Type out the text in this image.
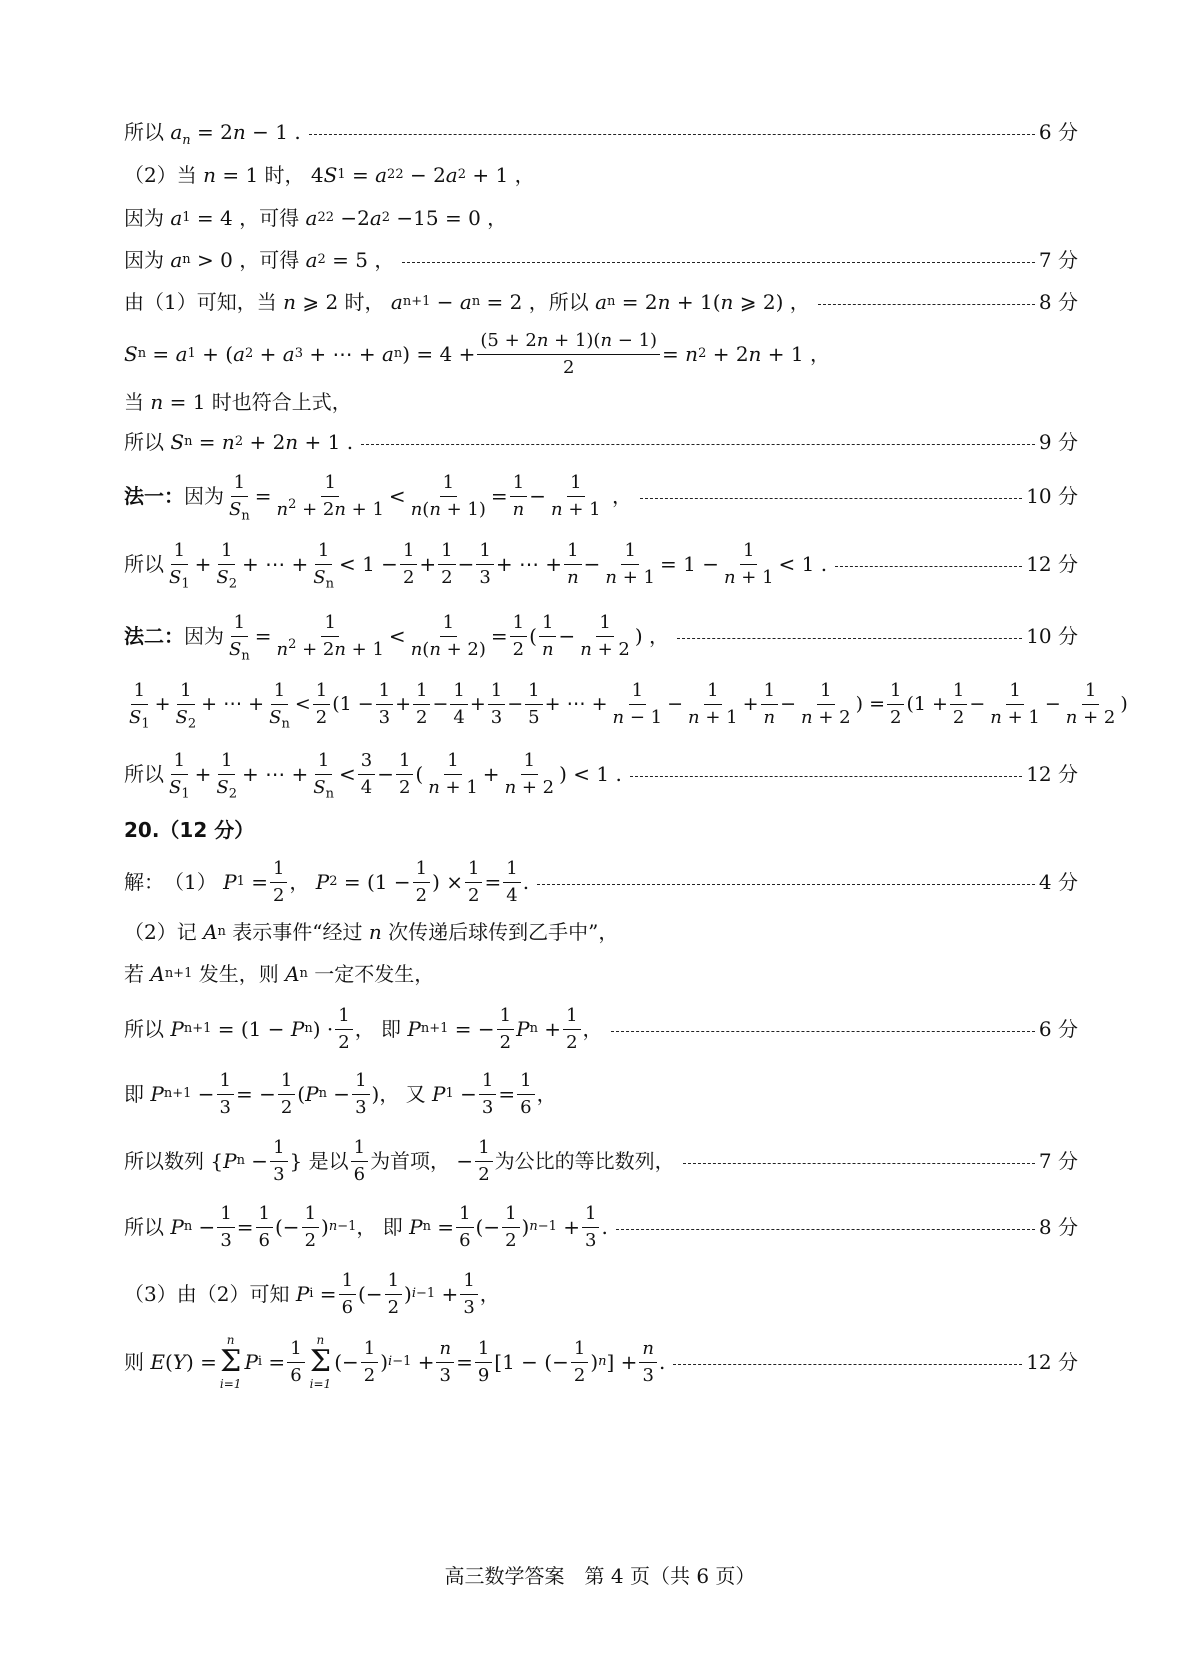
所以 $a_n = 2$ n − 1 .	6 分
（2）当 n = 1 时， 4 S 1 = a 2 2 − 2 a 2 + 1 ，
因为 a 1 = 4 ，可得 a 2 2 −2 a 2 −15 = 0 ，
因为 a n > 0 ，可得 a 2 = 5 ，	7 分
由（1）可知，当 n ⩾ 2 时， a n+1 − a n = 2 ，所以 a n = 2 n + 1( n ⩾ 2) ，	8 分
S n = a 1 + ( a 2 + a 3 + ⋯ + a n ) = $4 + \frac{(5 + 2n + 1)(n - 1)}{2} = n$ 2 + 2 n + 1 ，
当 n = 1 时也符合上式，
所以 S n = n 2 + 2 n + 1 .	9 分
法一： 因为 $\frac{1}{S_n} = \frac{1}{n^2 + 2n + 1} < \frac{1}{n(n + 1)} = \frac{1}{n} - \frac{1}{n + 1}$ ，	10 分
所以 $\frac{1}{S_1} + \frac{1}{S_2}$ + ⋯ + $\frac{1}{S_n} < 1 - \frac{1}{2} + \frac{1}{2} - \frac{1}{3}$ + ⋯ + $\frac{1}{n} - \frac{1}{n + 1} = 1 - \frac{1}{n + 1} < 1$ .	12 分
法二： 因为 $\frac{1}{S_n} = \frac{1}{n^2 + 2n + 1} < \frac{1}{n(n + 2)} = \frac{1}{2}$ ( $\frac{1}{n} - \frac{1}{n + 2}$ ) ，	10 分
$\frac{1}{S_1} + \frac{1}{S_2}$ + ⋯ + $\frac{1}{S_n} < \frac{1}{2} (1 - \frac{1}{3} + \frac{1}{2} - \frac{1}{4} + \frac{1}{3} - \frac{1}{5}$ + ⋯ + $\frac{1}{n - 1} - \frac{1}{n + 1} + \frac{1}{n} - \frac{1}{n + 2}$ ) = $\frac{1}{2} (1 + \frac{1}{2} - \frac{1}{n + 1} - \frac{1}{n + 2}$ )
所以 $\frac{1}{S_1} + \frac{1}{S_2}$ + ⋯ + $\frac{1}{S_n} < \frac{3}{4} - \frac{1}{2}$ ( $\frac{1}{n + 1} + \frac{1}{n + 2}$ ) < 1 .	12 分
20.（12 分）
解： （1） P $1 = \frac{1}{2}$ ， P $2 = (1 - \frac{1}{2}$ ) × $\frac{1}{2} = \frac{1}{4}$ .	4 分
（2）记 A n 表示事件“经过 n 次传递后球传到乙手中”，
若 A n+1 发生，则 A n 一定不发生，
所以 P n+1 = (1 − P n ) · $\frac{1}{2}$ ， 即 P n+1 = − $\frac{1}{2}$ P $n + \frac{1}{2}$ ，	6 分
即 P $n+1 - \frac{1}{3}$ = − $\frac{1}{2}$ ( P $n - \frac{1}{3}$ )， 又 P $1 - \frac{1}{3} = \frac{1}{6}$ ，
所以数列 { P $n - \frac{1}{3}$ } 是以 $\frac{1}{6}$ 为首项， − $\frac{1}{2}$ 为公比的等比数列，	7 分
所以 P $n - \frac{1}{3} = \frac{1}{6}$ (− $\frac{1}{2}$ ) n−1 ， 即 P $n = \frac{1}{6}$ (− $\frac{1}{2}$ ) $n-1 + \frac{1}{3}$ .	8 分
（3）由（2）可知
P $i = \frac{1}{6}$ (− $\frac{1}{2}$ ) $i-1 + \frac{1}{3}$ ，
则 E ( Y ) =
n
Σ
i=1
P $i = \frac{1}{6}$ n
Σ
i=1
(− $\frac{1}{2}$ ) $i-1 + \frac{n}{3} = \frac{1}{9} [1$ − (− $\frac{1}{2}$ ) n ] + $\frac{n}{3}$ .	12 分
高三数学答案　第 4 页（共 6 页）
